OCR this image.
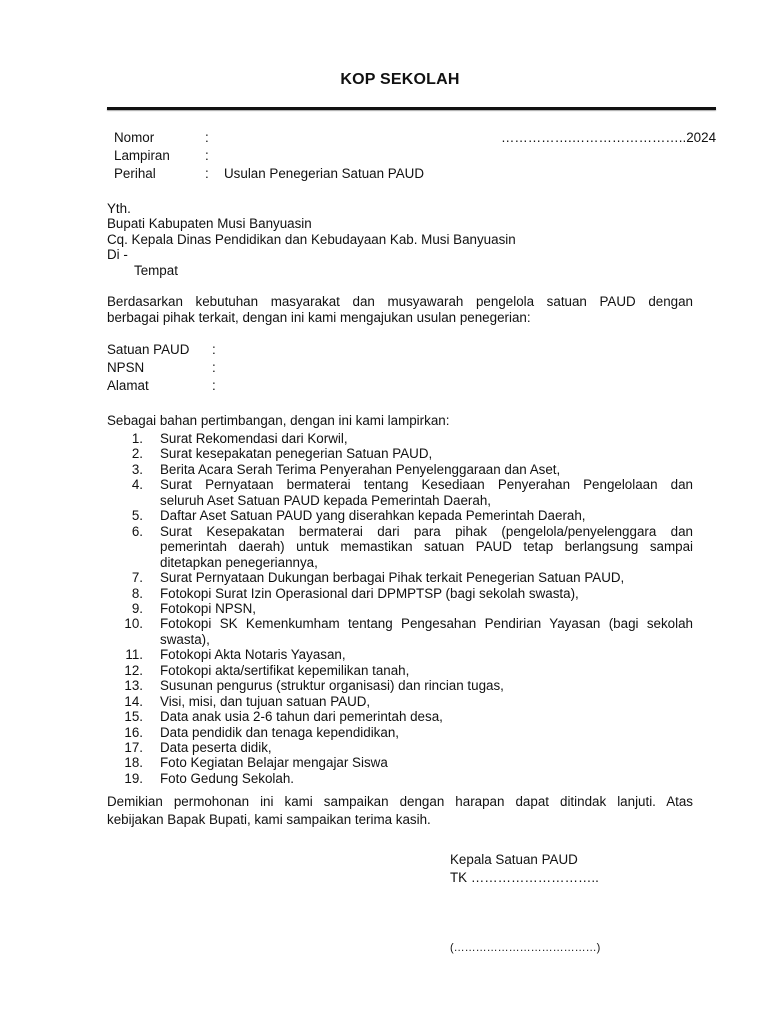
KOP SEKOLAH
Nomor	:	…………….……………………..2024
Lampiran	:
Perihal	: Usulan Penegerian Satuan PAUD
Yth.
Bupati Kabupaten Musi Banyuasin
Cq. Kepala Dinas Pendidikan dan Kebudayaan Kab. Musi Banyuasin
Di -
Tempat
Berdasarkan kebutuhan masyarakat dan musyawarah pengelola satuan PAUD dengan
berbagai pihak terkait, dengan ini kami mengajukan usulan penegerian:
Satuan PAUD :
NPSN	:
Alamat	:
Sebagai bahan pertimbangan, dengan ini kami lampirkan:
1. Surat Rekomendasi dari Korwil,
2. Surat kesepakatan penegerian Satuan PAUD,
3. Berita Acara Serah Terima Penyerahan Penyelenggaraan dan Aset,
4. Surat Pernyataan bermaterai tentang Kesediaan Penyerahan Pengelolaan dan
seluruh Aset Satuan PAUD kepada Pemerintah Daerah,
5. Daftar Aset Satuan PAUD yang diserahkan kepada Pemerintah Daerah,
6. Surat Kesepakatan bermaterai dari para pihak (pengelola/penyelenggara dan
pemerintah daerah) untuk memastikan satuan PAUD tetap berlangsung sampai
ditetapkan penegeriannya,
7. Surat Pernyataan Dukungan berbagai Pihak terkait Penegerian Satuan PAUD,
8. Fotokopi Surat Izin Operasional dari DPMPTSP (bagi sekolah swasta),
9. Fotokopi NPSN,
10. Fotokopi SK Kemenkumham tentang Pengesahan Pendirian Yayasan (bagi sekolah
swasta),
11. Fotokopi Akta Notaris Yayasan,
12. Fotokopi akta/sertifikat kepemilikan tanah,
13. Susunan pengurus (struktur organisasi) dan rincian tugas,
14. Visi, misi, dan tujuan satuan PAUD,
15. Data anak usia 2-6 tahun dari pemerintah desa,
16. Data pendidik dan tenaga kependidikan,
17. Data peserta didik,
18. Foto Kegiatan Belajar mengajar Siswa
19. Foto Gedung Sekolah.
Demikian permohonan ini kami sampaikan dengan harapan dapat ditindak lanjuti. Atas
kebijakan Bapak Bupati, kami sampaikan terima kasih.
Kepala Satuan PAUD
TK ………………………..
(…………………………………)
